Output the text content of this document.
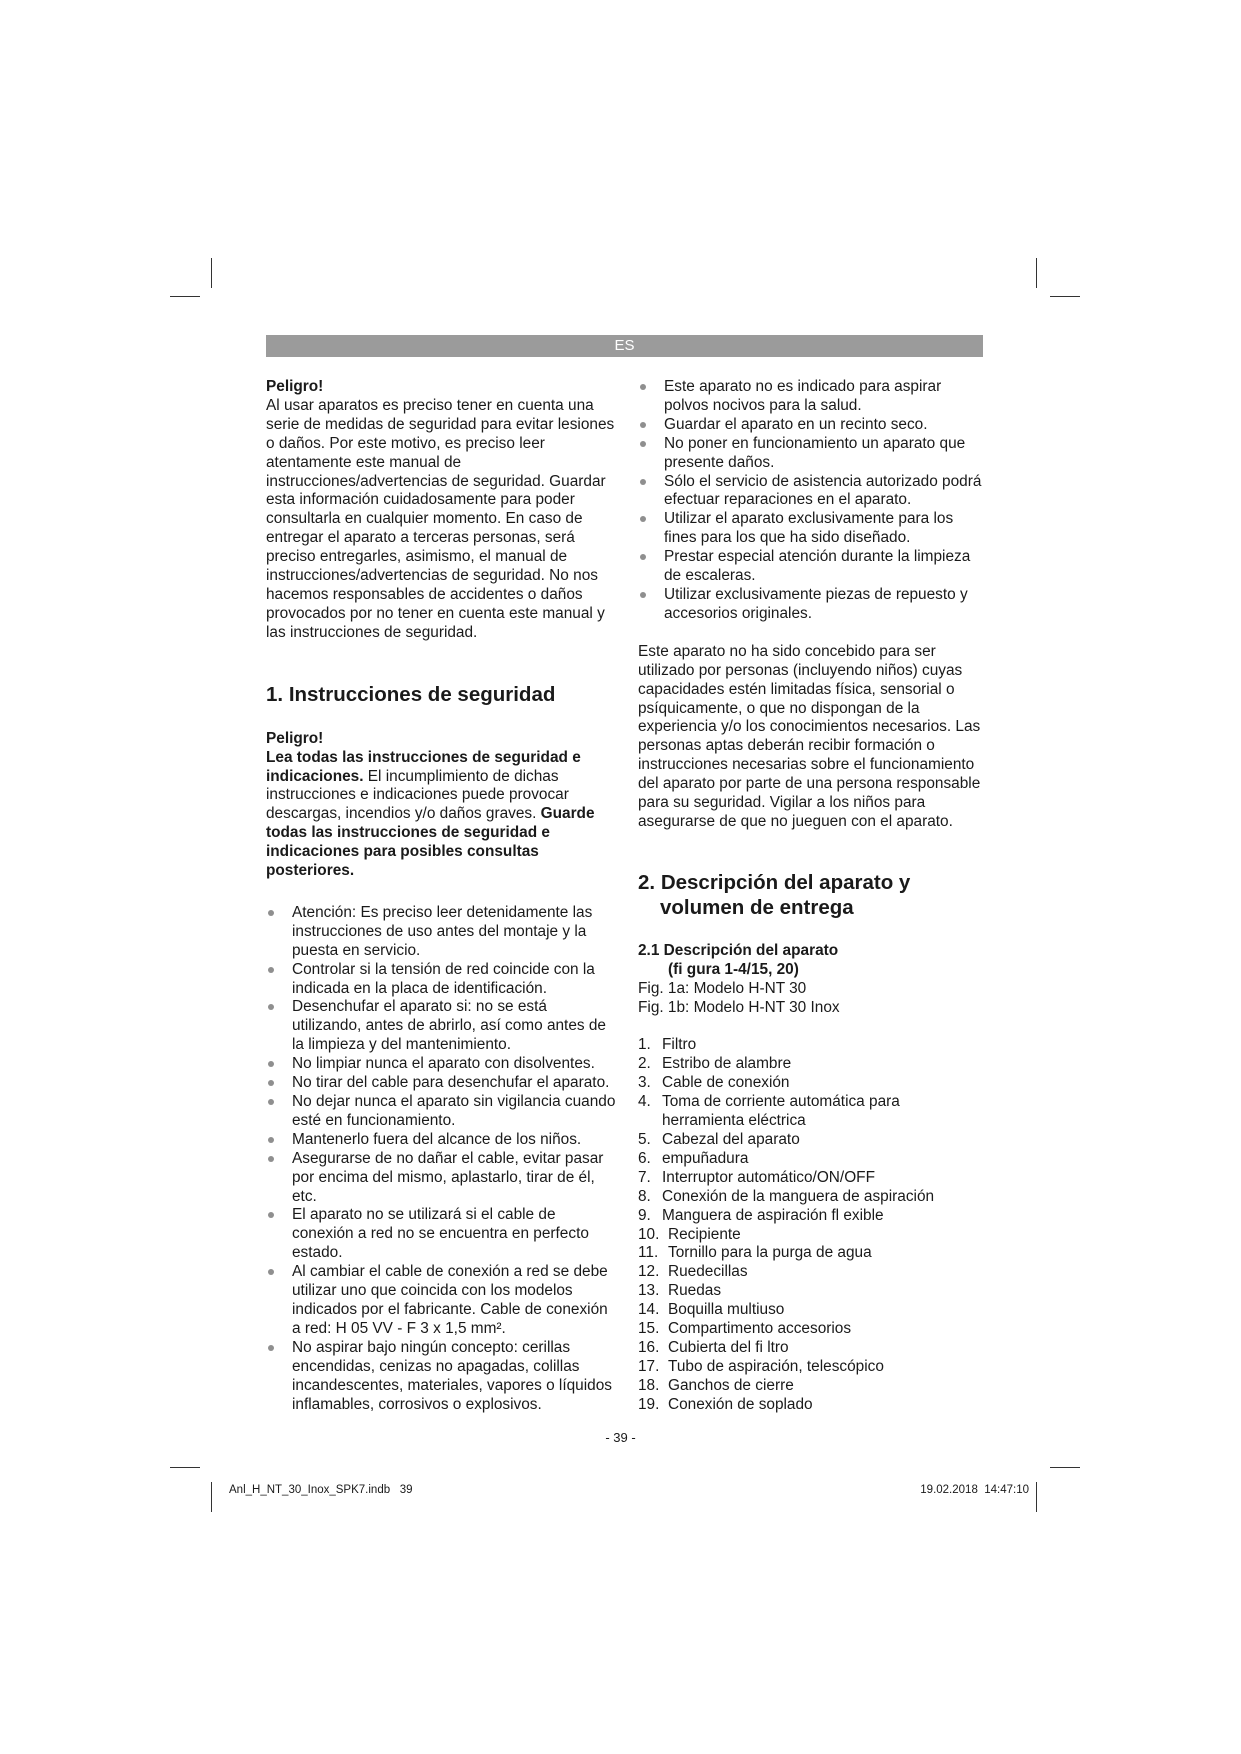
ES

Peligro!

Al usar aparatos es preciso tener en cuenta una serie de medidas de seguridad para evitar lesiones o daños. Por este motivo, es preciso leer atentamente este manual de instrucciones/advertencias de seguridad. Guardar esta información cuidadosamente para poder consultarla en cualquier momento. En caso de entregar el aparato a terceras personas, será preciso entregarles, asimismo, el manual de instrucciones/advertencias de seguridad. No nos hacemos responsables de accidentes o daños provocados por no tener en cuenta este manual y las instrucciones de seguridad.

1. Instrucciones de seguridad

Peligro!

Lea todas las instrucciones de seguridad e indicaciones. El incumplimiento de dichas instrucciones e indicaciones puede provocar descargas, incendios y/o daños graves. Guarde todas las instrucciones de seguridad e indicaciones para posibles consultas posteriores.

Atención: Es preciso leer detenidamente las instrucciones de uso antes del montaje y la puesta en servicio.
Controlar si la tensión de red coincide con la indicada en la placa de identificación.
Desenchufar el aparato si: no se está utilizando, antes de abrirlo, así como antes de la limpieza y del mantenimiento.
No limpiar nunca el aparato con disolventes.
No tirar del cable para desenchufar el aparato.
No dejar nunca el aparato sin vigilancia cuando esté en funcionamiento.
Mantenerlo fuera del alcance de los niños.
Asegurarse de no dañar el cable, evitar pasar por encima del mismo, aplastarlo, tirar de él, etc.
El aparato no se utilizará si el cable de conexión a red no se encuentra en perfecto estado.
Al cambiar el cable de conexión a red se debe utilizar uno que coincida con los modelos indicados por el fabricante. Cable de conexión a red: H 05 VV - F 3 x 1,5 mm².
No aspirar bajo ningún concepto: cerillas encendidas, cenizas no apagadas, colillas incandescentes, materiales, vapores o líquidos inflamables, corrosivos o explosivos.
Este aparato no es indicado para aspirar polvos nocivos para la salud.
Guardar el aparato en un recinto seco.
No poner en funcionamiento un aparato que presente daños.
Sólo el servicio de asistencia autorizado podrá efectuar reparaciones en el aparato.
Utilizar el aparato exclusivamente para los fines para los que ha sido diseñado.
Prestar especial atención durante la limpieza de escaleras.
Utilizar exclusivamente piezas de repuesto y accesorios originales.

Este aparato no ha sido concebido para ser utilizado por personas (incluyendo niños) cuyas capacidades estén limitadas física, sensorial o psíquicamente, o que no dispongan de la experiencia y/o los conocimientos necesarios. Las personas aptas deberán recibir formación o instrucciones necesarias sobre el funcionamiento del aparato por parte de una persona responsable para su seguridad. Vigilar a los niños para asegurarse de que no jueguen con el aparato.

2. Descripción del aparato y
volumen de entrega
2.1 Descripción del aparato
(fi gura 1-4/15, 20)

Fig. 1a: Modelo H-NT 30

Fig. 1b: Modelo H-NT 30 Inox

1. Filtro
2. Estribo de alambre
3. Cable de conexión
4. Toma de corriente automática para herramienta eléctrica
5. Cabezal del aparato
6. empuñadura
7. Interruptor automático/ON/OFF
8. Conexión de la manguera de aspiración
9. Manguera de aspiración fl exible
10. Recipiente
11. Tornillo para la purga de agua
12. Ruedecillas
13. Ruedas
14. Boquilla multiuso
15. Compartimento accesorios
16. Cubierta del fi ltro
17. Tubo de aspiración, telescópico
18. Ganchos de cierre
19. Conexión de soplado
- 39 -
Anl_H_NT_30_Inox_SPK7.indb   39	19.02.2018 14:47:10
